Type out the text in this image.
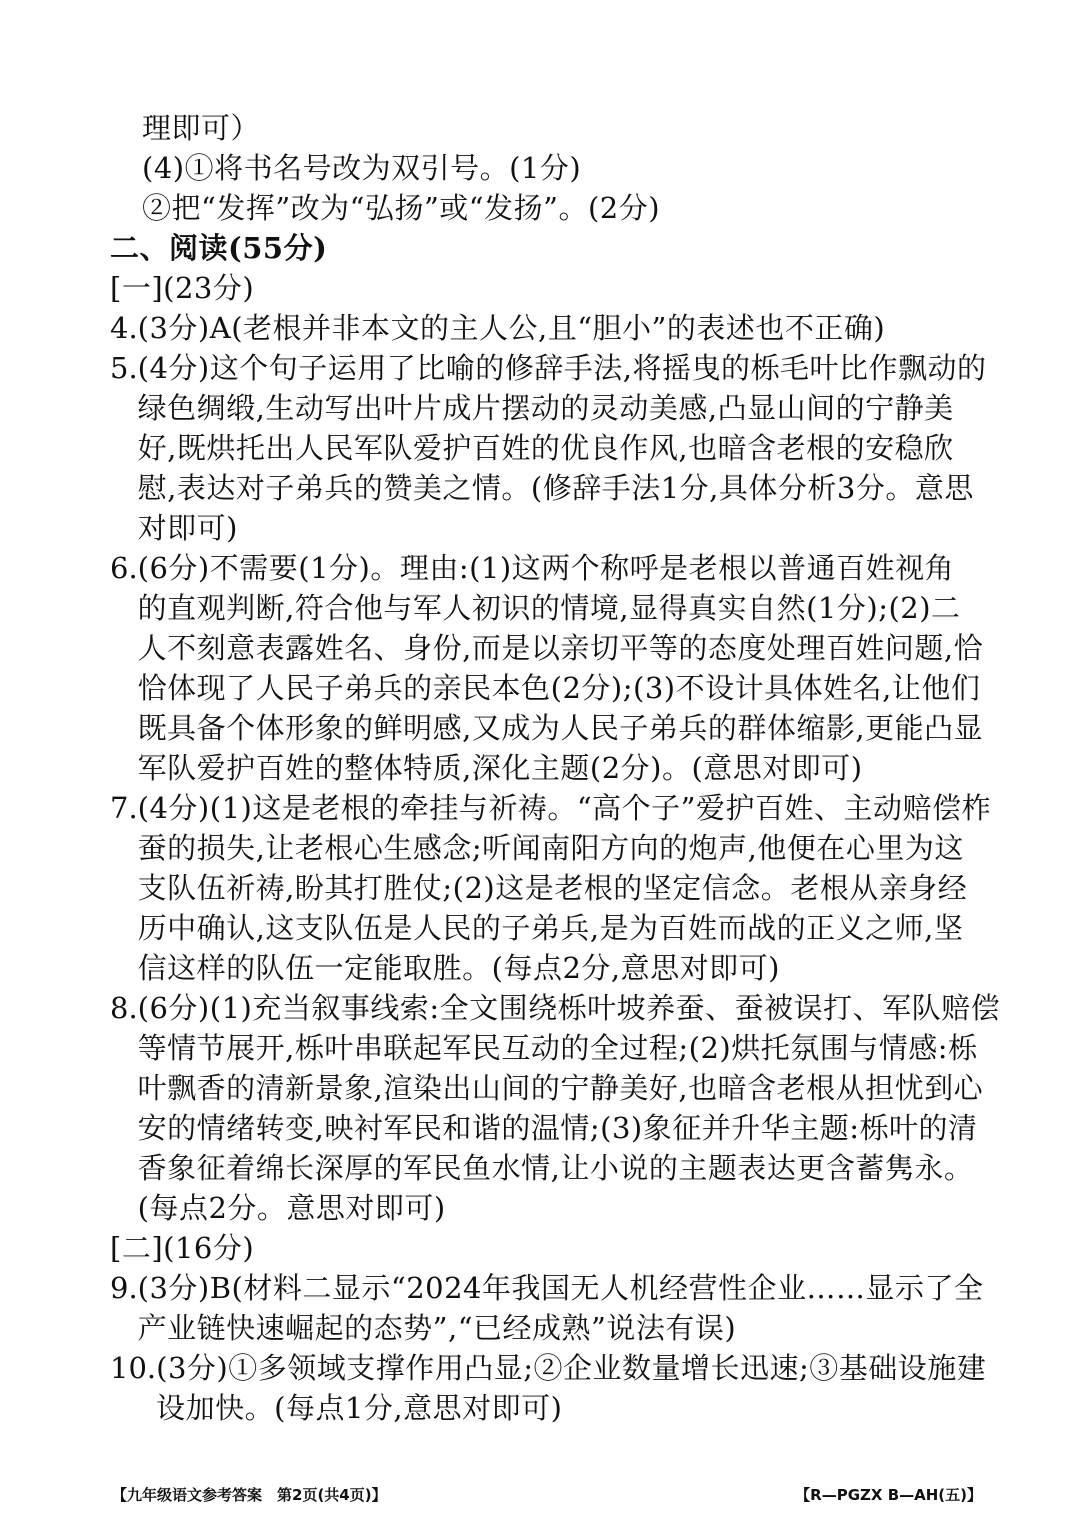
理即可）
(4)①将书名号改为双引号。(1分)
②把“发挥”改为“弘扬”或“发扬”。(2分)
二、阅读(55分)
[一](23分)
4. (3分)A(老根并非本文的主人公,且“胆小”的表述也不正确)
5. (4分)这个句子运用了比喻的修辞手法,将摇曳的栎毛叶比作飘动的
绿色绸缎,生动写出叶片成片摆动的灵动美感,凸显山间的宁静美
好,既烘托出人民军队爱护百姓的优良作风,也暗含老根的安稳欣
慰,表达对子弟兵的赞美之情。(修辞手法1分,具体分析3分。意思
对即可)
6. (6分)不需要(1分)。理由:(1)这两个称呼是老根以普通百姓视角
的直观判断,符合他与军人初识的情境,显得真实自然(1分);(2)二
人不刻意表露姓名、身份,而是以亲切平等的态度处理百姓问题,恰
恰体现了人民子弟兵的亲民本色(2分);(3)不设计具体姓名,让他们
既具备个体形象的鲜明感,又成为人民子弟兵的群体缩影,更能凸显
军队爱护百姓的整体特质,深化主题(2分)。(意思对即可)
7. (4分)(1)这是老根的牵挂与祈祷。“高个子”爱护百姓、主动赔偿柞
蚕的损失,让老根心生感念;听闻南阳方向的炮声,他便在心里为这
支队伍祈祷,盼其打胜仗;(2)这是老根的坚定信念。老根从亲身经
历中确认,这支队伍是人民的子弟兵,是为百姓而战的正义之师,坚
信这样的队伍一定能取胜。(每点2分,意思对即可)
8. (6分)(1)充当叙事线索:全文围绕栎叶坡养蚕、蚕被误打、军队赔偿
等情节展开,栎叶串联起军民互动的全过程;(2)烘托氛围与情感:栎
叶飘香的清新景象,渲染出山间的宁静美好,也暗含老根从担忧到心
安的情绪转变,映衬军民和谐的温情;(3)象征并升华主题:栎叶的清
香象征着绵长深厚的军民鱼水情,让小说的主题表达更含蓄隽永。
(每点2分。意思对即可)
[二](16分)
9. (3分)B(材料二显示“2024年我国无人机经营性企业……显示了全
产业链快速崛起的态势”,“已经成熟”说法有误)
10. (3分)①多领域支撑作用凸显;②企业数量增长迅速;③基础设施建
设加快。(每点1分,意思对即可)
【九年级语文参考答案　第2页(共4页)】	【R—PGZX B—AH(五)】
